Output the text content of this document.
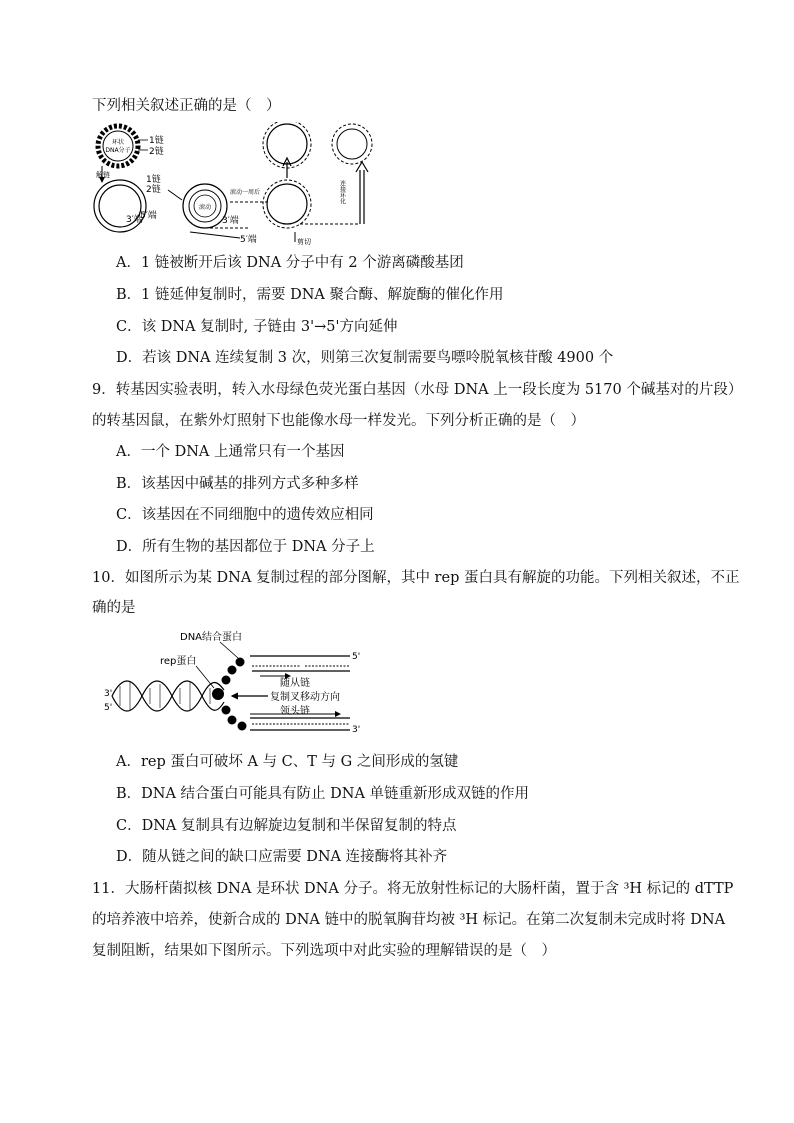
下列相关叙述正确的是（　）
环状
DNA分子
1链
2链
解链	1链
2链
3′端
5′端
滚动
3′端
5′端
滚动一周后
剪切
连接环化
A．1 链被断开后该 DNA 分子中有 2 个游离磷酸基团
B．1 链延伸复制时，需要 DNA 聚合酶、解旋酶的催化作用
C．该 DNA 复制时, 子链由 3'→5'方向延伸
D．若该 DNA 连续复制 3 次，则第三次复制需要鸟嘌呤脱氧核苷酸 4900 个
9．转基因实验表明，转入水母绿色荧光蛋白基因（水母 DNA 上一段长度为 5170 个碱基对的片段）
的转基因鼠，在紫外灯照射下也能像水母一样发光。下列分析正确的是（　）
A．一个 DNA 上通常只有一个基因
B．该基因中碱基的排列方式多种多样
C．该基因在不同细胞中的遗传效应相同
D．所有生物的基因都位于 DNA 分子上
10．如图所示为某 DNA 复制过程的部分图解，其中 rep 蛋白具有解旋的功能。下列相关叙述，不正
确的是
5'
3'
DNA结合蛋白
rep蛋白
随从链
复制叉移动方向
领头链
3'
5'
A．rep 蛋白可破坏 A 与 C、T 与 G 之间形成的氢键
B．DNA 结合蛋白可能具有防止 DNA 单链重新形成双链的作用
C．DNA 复制具有边解旋边复制和半保留复制的特点
D．随从链之间的缺口应需要 DNA 连接酶将其补齐
11．大肠杆菌拟核 DNA 是环状 DNA 分子。将无放射性标记的大肠杆菌，置于含 ³H 标记的 dTTP
的培养液中培养，使新合成的 DNA 链中的脱氧胸苷均被 ³H 标记。在第二次复制未完成时将 DNA
复制阻断，结果如下图所示。下列选项中对此实验的理解错误的是（　）
